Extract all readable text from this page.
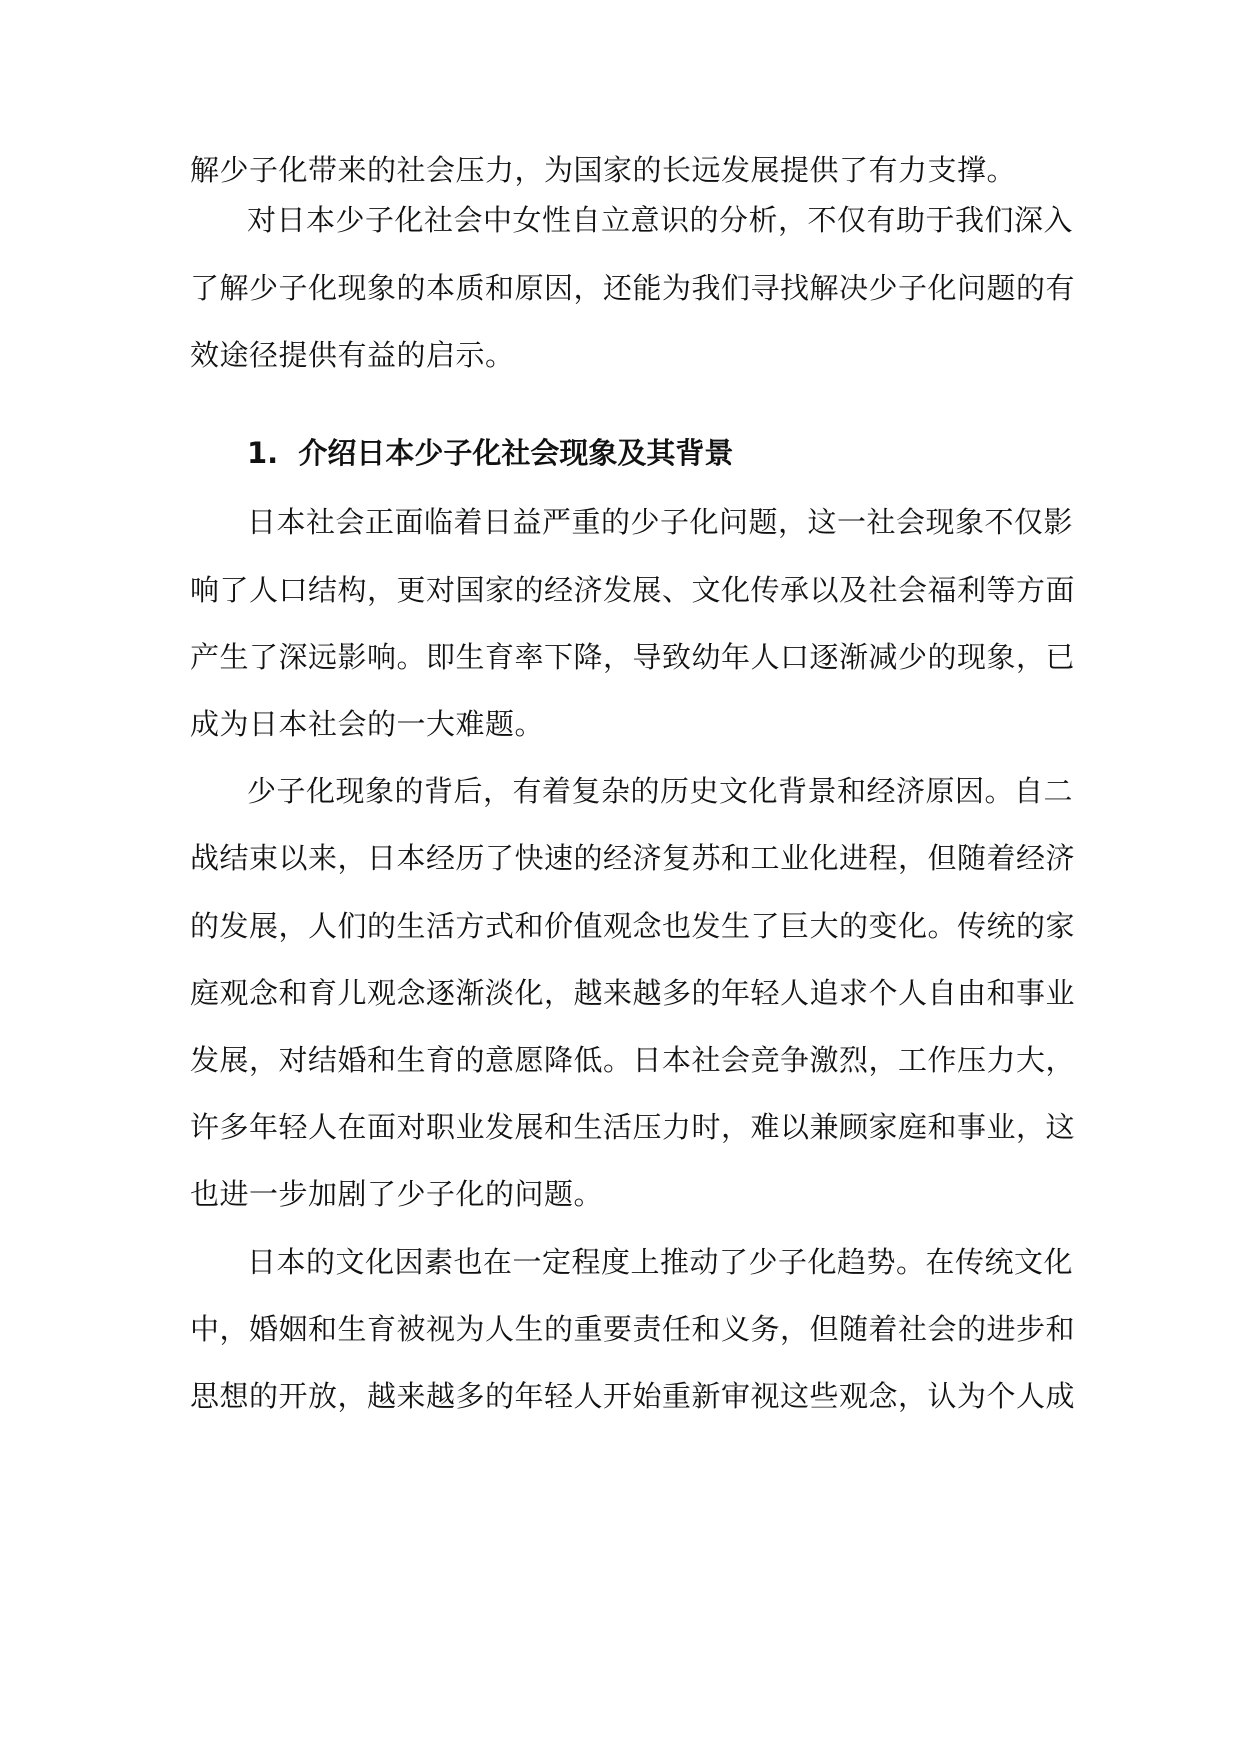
解少子化带来的社会压力，为国家的长远发展提供了有力支撑。
对日本少子化社会中女性自立意识的分析，不仅有助于我们深入
了解少子化现象的本质和原因，还能为我们寻找解决少子化问题的有
效途径提供有益的启示。
1. 介绍日本少子化社会现象及其背景
日本社会正面临着日益严重的少子化问题，这一社会现象不仅影
响了人口结构，更对国家的经济发展、文化传承以及社会福利等方面
产生了深远影响。即生育率下降，导致幼年人口逐渐减少的现象，已
成为日本社会的一大难题。
少子化现象的背后，有着复杂的历史文化背景和经济原因。自二
战结束以来，日本经历了快速的经济复苏和工业化进程，但随着经济
的发展，人们的生活方式和价值观念也发生了巨大的变化。传统的家
庭观念和育儿观念逐渐淡化，越来越多的年轻人追求个人自由和事业
发展，对结婚和生育的意愿降低。日本社会竞争激烈，工作压力大，
许多年轻人在面对职业发展和生活压力时，难以兼顾家庭和事业，这
也进一步加剧了少子化的问题。
日本的文化因素也在一定程度上推动了少子化趋势。在传统文化
中，婚姻和生育被视为人生的重要责任和义务，但随着社会的进步和
思想的开放，越来越多的年轻人开始重新审视这些观念，认为个人成
